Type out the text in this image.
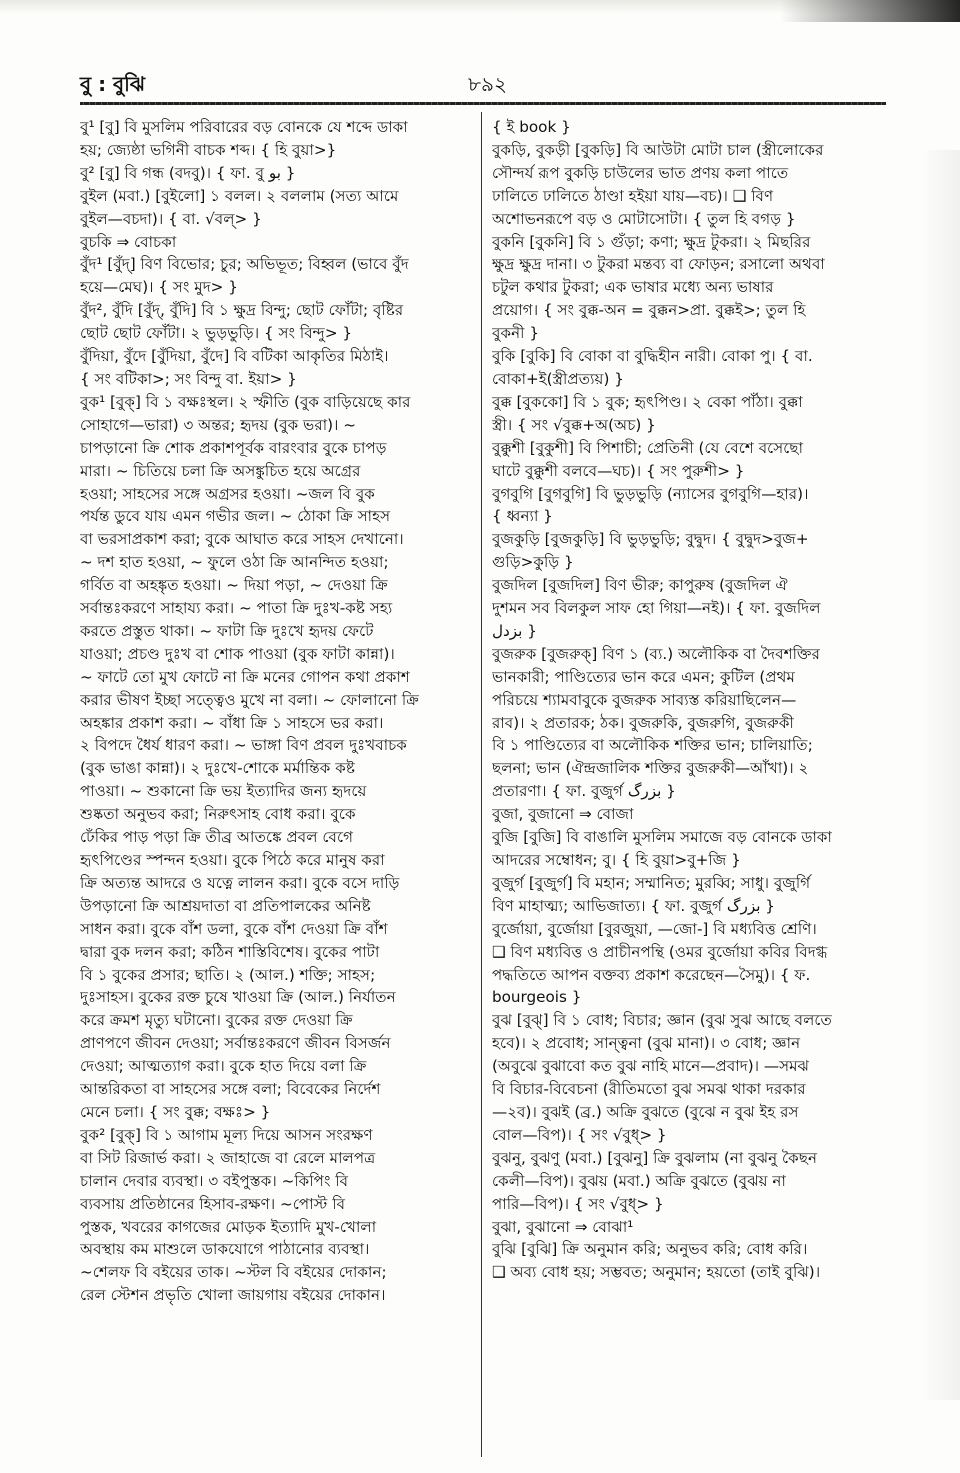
বু : বুঝি	৮৯২
বু¹ [বু] বি মুসলিম পরিবারের বড় বোনকে যে শব্দে ডাকা
হয়; জ্যেষ্ঠা ভগিনী বাচক শব্দ। { হি বুয়া>}
বু² [বু] বি গন্ধ (বদবু)। { ফা. বু بو }
বুইল (মবা.) [বুইলো] ১ বলল। ২ বললাম (সত্য আমে
বুইল—বচদা)। { বা. √বল্> }
বুচকি ⇒ বোচকা
বুঁদ¹ [বুঁদ্] বিণ বিভোর; চুর; অভিভূত; বিহ্বল (ভাবে বুঁদ
হয়ে—মেঘ)। { সং মুদ> }
বুঁদ², বুঁদি [বুঁদ্, বুঁদি] বি ১ ক্ষুদ্র বিন্দু; ছোট ফোঁটা; বৃষ্টির
ছোট ছোট ফোঁটা। ২ ভুড়ভুড়ি। { সং বিন্দু> }
বুঁদিয়া, বুঁদে [বুঁদিয়া, বুঁদে] বি বটিকা আকৃতির মিঠাই।
{ সং বটিকা>; সং বিন্দু বা. ইয়া> }
বুক¹ [বুক্] বি ১ বক্ষঃস্থল। ২ স্ফীতি (বুক বাড়িয়েছে কার
সোহাগে—ভারা) ৩ অন্তর; হৃদয় (বুক ভরা)। ~
চাপড়ানো ক্রি শোক প্রকাশপূর্বক বারংবার বুকে চাপড়
মারা। ~ চিতিয়ে চলা ক্রি অসঙ্কুচিত হয়ে অগ্রের
হওয়া; সাহসের সঙ্গে অগ্রসর হওয়া। ~জল বি বুক
পর্যন্ত ডুবে যায় এমন গভীর জল। ~ ঠোকা ক্রি সাহস
বা ভরসাপ্রকাশ করা; বুকে আঘাত করে সাহস দেখানো।
~ দশ হাত হওয়া, ~ ফুলে ওঠা ক্রি আনন্দিত হওয়া;
গর্বিত বা অহঙ্কৃত হওয়া। ~ দিয়া পড়া, ~ দেওয়া ক্রি
সর্বান্তঃকরণে সাহায্য করা। ~ পাতা ক্রি দুঃখ-কষ্ট সহ্য
করতে প্রস্তুত থাকা। ~ ফাটা ক্রি দুঃখে হৃদয় ফেটে
যাওয়া; প্রচণ্ড দুঃখ বা শোক পাওয়া (বুক ফাটা কান্না)।
~ ফাটে তো মুখ ফোটে না ক্রি মনের গোপন কথা প্রকাশ
করার ভীষণ ইচ্ছা সত্ত্বেও মুখে না বলা। ~ ফোলানো ক্রি
অহঙ্কার প্রকাশ করা। ~ বাঁধা ক্রি ১ সাহসে ভর করা।
২ বিপদে ধৈর্য ধারণ করা। ~ ভাঙ্গা বিণ প্রবল দুঃখবাচক
(বুক ভাঙা কান্না)। ২ দুঃখে-শোকে মর্মান্তিক কষ্ট
পাওয়া। ~ শুকানো ক্রি ভয় ইত্যাদির জন্য হৃদয়ে
শুষ্কতা অনুভব করা; নিরুৎসাহ বোধ করা। বুকে
ঢেঁকির পাড় পড়া ক্রি তীব্র আতঙ্কে প্রবল বেগে
হৃৎপিণ্ডের স্পন্দন হওয়া। বুকে পিঠে করে মানুষ করা
ক্রি অত্যন্ত আদরে ও যত্নে লালন করা। বুকে বসে দাড়ি
উপড়ানো ক্রি আশ্রয়দাতা বা প্রতিপালকের অনিষ্ট
সাধন করা। বুকে বাঁশ ডলা, বুকে বাঁশ দেওয়া ক্রি বাঁশ
দ্বারা বুক দলন করা; কঠিন শাস্তিবিশেষ। বুকের পাটা
বি ১ বুকের প্রসার; ছাতি। ২ (আল.) শক্তি; সাহস;
দুঃসাহস। বুকের রক্ত চুষে খাওয়া ক্রি (আল.) নির্যাতন
করে ক্রমশ মৃত্যু ঘটানো। বুকের রক্ত দেওয়া ক্রি
প্রাণপণে জীবন দেওয়া; সর্বান্তঃকরণে জীবন বিসর্জন
দেওয়া; আত্মত্যাগ করা। বুকে হাত দিয়ে বলা ক্রি
আন্তরিকতা বা সাহসের সঙ্গে বলা; বিবেকের নির্দেশ
মেনে চলা। { সং বুক্ক; বক্ষঃ> }
বুক² [বুক্] বি ১ আগাম মূল্য দিয়ে আসন সংরক্ষণ
বা সিট রিজার্ভ করা। ২ জাহাজে বা রেলে মালপত্র
চালান দেবার ব্যবস্থা। ৩ বইপুস্তক। ~কিপিং বি
ব্যবসায় প্রতিষ্ঠানের হিসাব-রক্ষণ। ~পোস্ট বি
পুস্তক, খবরের কাগজের মোড়ক ইত্যাদি মুখ-খোলা
অবস্থায় কম মাশুলে ডাকযোগে পাঠানোর ব্যবস্থা।
~শেলফ বি বইয়ের তাক। ~স্টল বি বইয়ের দোকান;
রেল স্টেশন প্রভৃতি খোলা জায়গায় বইয়ের দোকান।
{ ই book }
বুকড়ি, বুকড়ী [বুকড়ি] বি আউটা মোটা চাল (স্ত্রীলোকের
সৌন্দর্য রূপ বুকড়ি চাউলের ভাত প্রণয় কলা পাতে
ঢালিতে ঢালিতে ঠাণ্ডা হইয়া যায়—বচ)। ❑ বিণ
অশোভনরূপে বড় ও মোটাসোটা। { তুল হি বগড় }
বুকনি [বুকনি] বি ১ গুঁড়া; কণা; ক্ষুদ্র টুকরা। ২ মিছরির
ক্ষুদ্র ক্ষুদ্র দানা। ৩ টুকরা মন্তব্য বা ফোড়ন; রসালো অথবা
চটুল কথার টুকরা; এক ভাষার মধ্যে অন্য ভাষার
প্রয়োগ। { সং বুক্ক-অন = বুক্কন>প্রা. বুক্কই>; তুল হি
বুকনী }
বুকি [বুকি] বি বোকা বা বুদ্ধিহীন নারী। বোকা পু। { বা.
বোকা+ই(স্ত্রীপ্রত্যয়) }
বুক্ক [বুককো] বি ১ বুক; হৃৎপিণ্ড। ২ বেকা পাঁঠা। বুক্কা
স্ত্রী। { সং √বুক্ক+অ(অচ) }
বুক্কুশী [বুকুশী] বি পিশাচী; প্রেতিনী (যে বেশে বসেছো
ঘাটে বুক্কুশী বলবে—ঘচ)। { সং পুরুশী> }
বুগবুগি [বুগবুগি] বি ভুড়ভুড়ি (ন্যাসের বুগবুগি—হার)।
{ ধ্বন্যা }
বুজকুড়ি [বুজকুড়ি] বি ভুড়ভুড়ি; বুদ্বুদ। { বুদ্বুদ>বুজ+
গুড়ি>কুড়ি }
বুজদিল [বুজদিল] বিণ ভীরু; কাপুরুষ (বুজদিল ঐ
দুশমন সব বিলকুল সাফ হো গিয়া—নই)। { ফা. বুজদিল
بزدل }
বুজরুক [বুজরুক্] বিণ ১ (ব্য.) অলৌকিক বা দৈবশক্তির
ভানকারী; পাণ্ডিত্যের ভান করে এমন; কুটিল (প্রথম
পরিচয়ে শ্যামবাবুকে বুজরুক সাব্যস্ত করিয়াছিলেন—
রাব)। ২ প্রতারক; ঠক। বুজরুকি, বুজরুগি, বুজরুকী
বি ১ পাণ্ডিত্যের বা অলৌকিক শক্তির ভান; চালিয়াতি;
ছলনা; ভান (ঐন্দ্রজালিক শক্তির বুজরুকী—আঁখা)। ২
প্রতারণা। { ফা. বুজুর্গ بزرگ }
বুজা, বুজানো ⇒ বোজা
বুজি [বুজি] বি বাঙালি মুসলিম সমাজে বড় বোনকে ডাকা
আদরের সম্বোধন; বু। { হি বুয়া>বু+জি }
বুজুর্গ [বুজুর্গ] বি মহান; সম্মানিত; মুরব্বি; সাধু। বুজুর্গি
বিণ মাহাত্ম্য; আভিজাত্য। { ফা. বুজুর্গ بزرگ }
বুর্জোয়া, বুর্জোয়া [বুরজুয়া, —জো-] বি মধ্যবিত্ত শ্রেণি।
❑ বিণ মধ্যবিত্ত ও প্রাচীনপন্থি (ওমর বুর্জোয়া কবির বিদগ্ধ
পদ্ধতিতে আপন বক্তব্য প্রকাশ করেছেন—সৈমু)। { ফ.
bourgeois }
বুঝ [বুঝ্] বি ১ বোধ; বিচার; জ্ঞান (বুঝ সুঝ আছে বলতে
হবে)। ২ প্রবোধ; সান্ত্বনা (বুঝ মানা)। ৩ বোধ; জ্ঞান
(অবুঝে বুঝাবো কত বুঝ নাহি মানে—প্রবাদ)। —সমঝ
বি বিচার-বিবেচনা (রীতিমতো বুঝ সমঝ থাকা দরকার
—২ব)। বুঝই (ব্র.) অক্রি বুঝতে (বুঝে ন বুঝ ইহ রস
বোল—বিপ)। { সং √বুধ্> }
বুঝনু, বুঝণু (মবা.) [বুঝনু] ক্রি বুঝলাম (না বুঝনু কৈছন
কেলী—বিপ)। বুঝয় (মবা.) অক্রি বুঝতে (বুঝয় না
পারি—বিপ)। { সং √বুধ্> }
বুঝা, বুঝানো ⇒ বোঝা¹
বুঝি [বুঝি] ক্রি অনুমান করি; অনুভব করি; বোধ করি।
❑ অব্য বোধ হয়; সম্ভবত; অনুমান; হয়তো (তাই বুঝি)।
